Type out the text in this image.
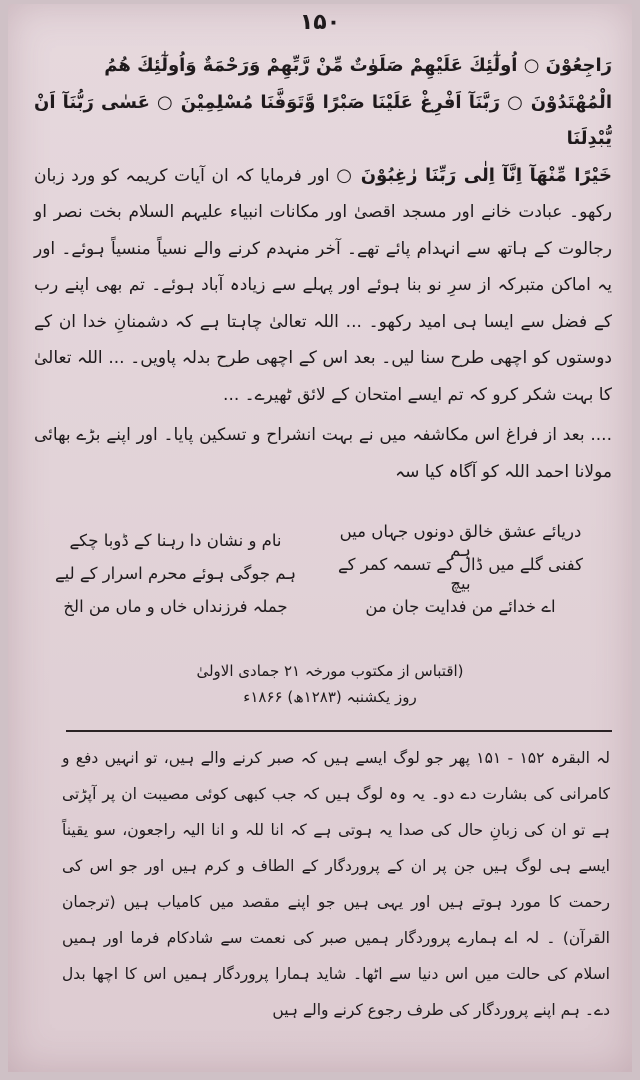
۱۵۰

رَاجِعُوْنَ ○ اُولٰٓئِكَ عَلَيْهِمْ صَلَوٰتٌ مِّنْ رَّبِّهِمْ وَرَحْمَةٌ وَاُولٰٓئِكَ هُمُ

الْمُهْتَدُوْنَ ○ رَبَّنَآ اَفْرِغْ عَلَيْنَا صَبْرًا وَّتَوَفَّنَا مُسْلِمِيْنَ ○ عَسٰى رَبُّنَآ اَنْ يُّبْدِلَنَا

خَيْرًا مِّنْهَآ اِنَّآ اِلٰى رَبِّنَا رٰغِبُوْنَ ○ اور فرمایا کہ ان آیات کریمہ کو ورد زبان رکھو۔ عبادت خانے اور مسجد اقصیٰ اور مکانات انبیاء علیہم السلام بخت نصر او رجالوت کے ہاتھ سے انہدام پائے تھے۔ آخر منہدم کرنے والے نسیاً منسیاً ہوئے۔ اور یہ اماکن متبرکہ از سرِ نو بنا ہوئے اور پہلے سے زیادہ آباد ہوئے۔ تم بھی اپنے رب کے فضل سے ایسا ہی امید رکھو۔ ... اللہ تعالیٰ چاہتا ہے کہ دشمنانِ خدا ان کے دوستوں کو اچھی طرح سنا لیں۔ بعد اس کے اچھی طرح بدلہ پاویں۔ ... اللہ تعالیٰ کا بہت شکر کرو کہ تم ایسے امتحان کے لائق ٹھیرے۔ ...

.... بعد از فراغ اس مکاشفہ میں نے بہت انشراح و تسکین پایا۔ اور اپنے بڑے بھائی مولانا احمد اللہ کو آگاہ کیا سہ

دریائے عشق خالق دونوں جہاں میں ہم
نام و نشان دا رہنا کے ڈوبا چکے
کفنی گلے میں ڈال کے تسمہ کمر کے بیچ
ہم جوگی ہوئے محرم اسرار کے لیے
اے خدائے من فدایت جان من
جملہ فرزنداں خاں و ماں من الخ
(اقتباس از مکتوب مورخہ ۲۱ جمادی الاولیٰ
روز یکشنبہ (۱۲۸۳ھ) ۱۸۶۶ء

لہ البقرہ ۱۵۲ - ۱۵۱ پھر جو لوگ ایسے ہیں کہ صبر کرنے والے ہیں، تو انہیں دفع و کامرانی کی بشارت دے دو۔ یہ وہ لوگ ہیں کہ جب کبھی کوئی مصیبت ان پر آپڑتی ہے تو ان کی زبانِ حال کی صدا یہ ہوتی ہے کہ انا للہ و انا الیہ راجعون، سو یقیناً ایسے ہی لوگ ہیں جن پر ان کے پروردگار کے الطاف و کرم ہیں اور جو اس کی رحمت کا مورد ہوتے ہیں اور یہی ہیں جو اپنے مقصد میں کامیاب ہیں (ترجمان القرآن) ۔ لہ اے ہمارے پروردگار ہمیں صبر کی نعمت سے شادکام فرما اور ہمیں اسلام کی حالت میں اس دنیا سے اٹھا۔ شاید ہمارا پروردگار ہمیں اس کا اچھا بدل دے۔ ہم اپنے پروردگار کی طرف رجوع کرنے والے ہیں
